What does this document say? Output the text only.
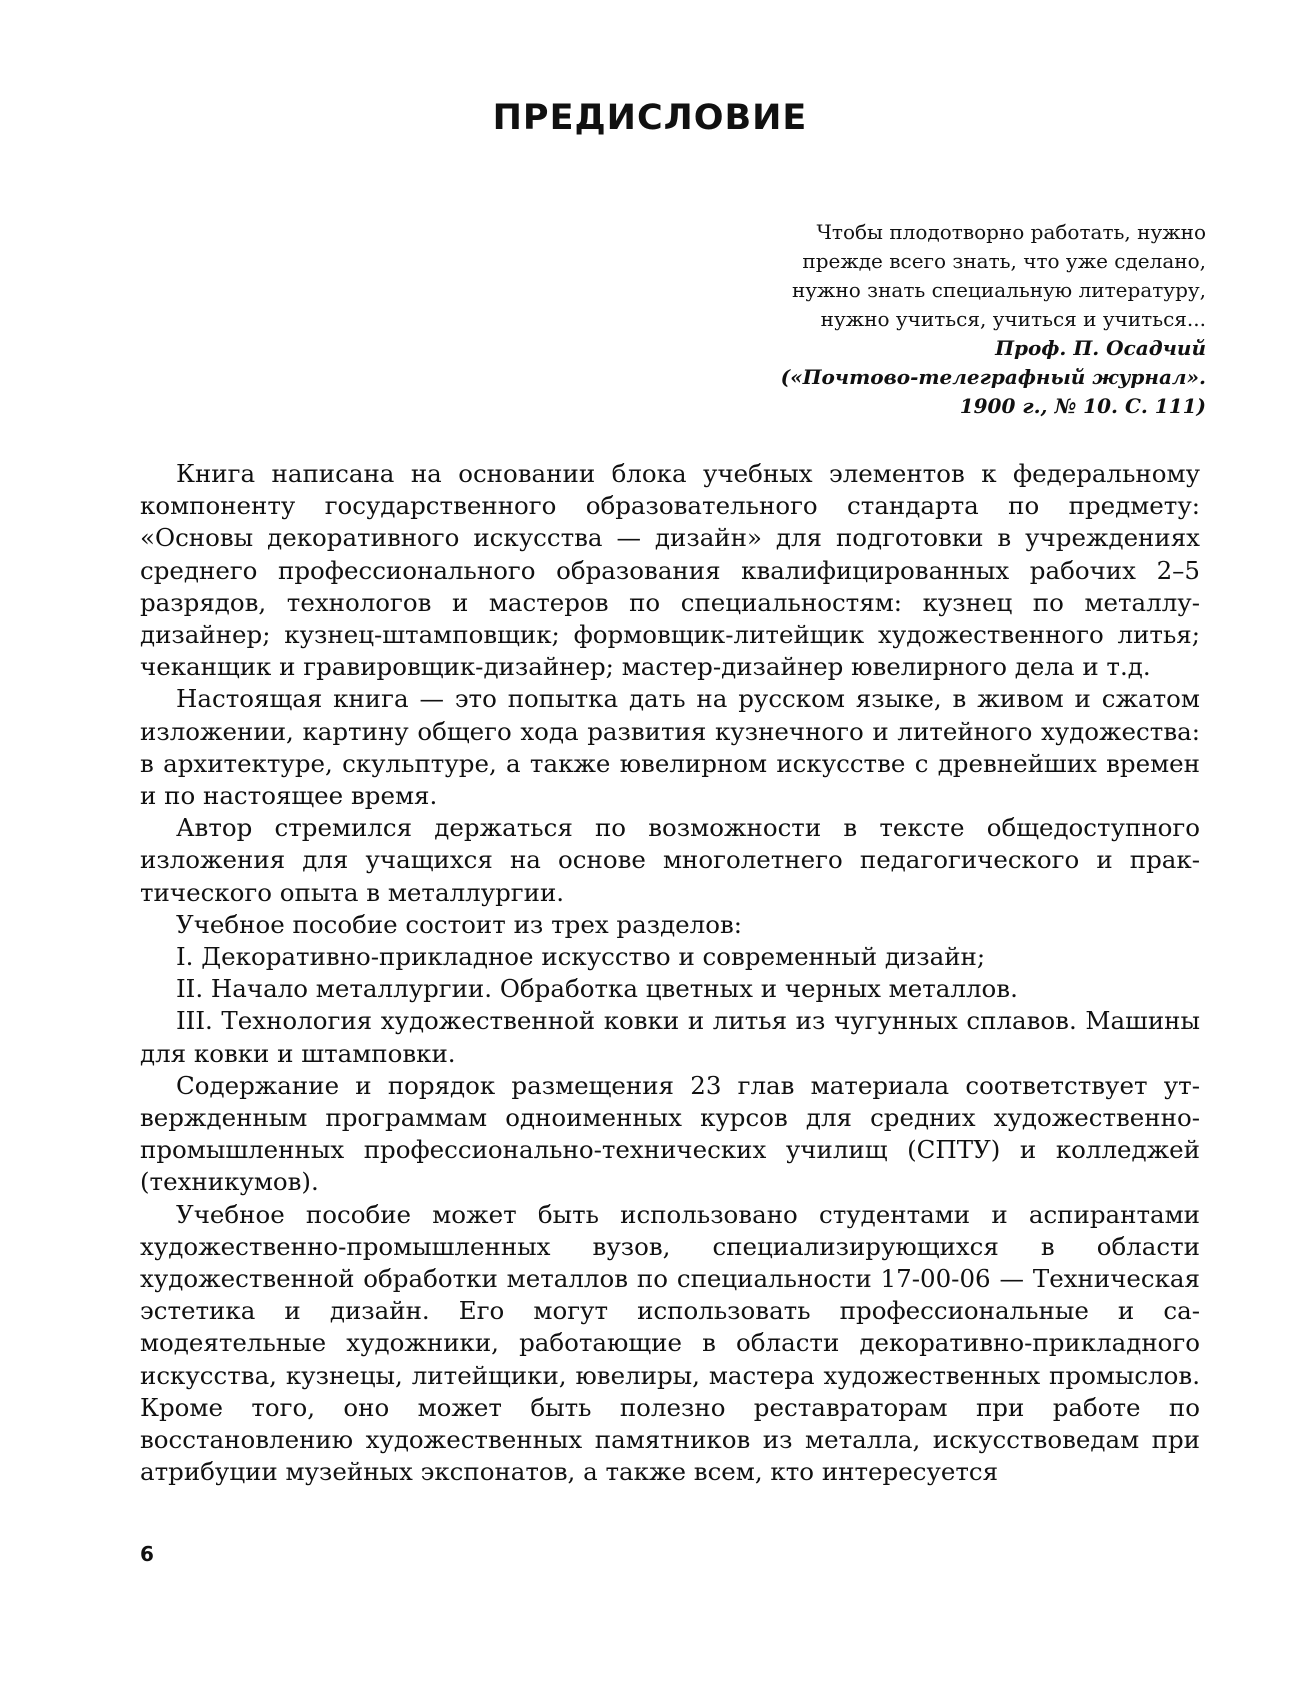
ПРЕДИСЛОВИЕ
Чтобы плодотворно работать, нужно
прежде всего знать, что уже сделано,
нужно знать специальную литературу,
нужно учиться, учиться и учиться...
Проф. П. Осадчий
(«Почтово-телеграфный журнал».
1900 г., № 10. С. 111)

Книга написана на основании блока учебных элементов к федеральному компоненту государственного образовательного стандарта по предмету: «Основы декоративного искусства — дизайн» для подготовки в учреждениях среднего профессионального образования квалифицированных рабочих 2–5 разрядов, технологов и мастеров по специальностям: кузнец по металлу-дизайнер; кузнец-штамповщик; формовщик-литейщик художественного литья; чеканщик и гравировщик-дизайнер; мастер-дизайнер ювелирного дела и т.д.

Настоящая книга — это попытка дать на русском языке, в живом и сжатом изложении, картину общего хода развития кузнечного и литейного художества: в архитектуре, скульптуре, а также ювелирном искусстве с древнейших времен и по настоящее время.

Автор стремился держаться по возможности в тексте общедоступного изложения для учащихся на основе многолетнего педагогического и практического опыта в металлургии.

Учебное пособие состоит из трех разделов:

I. Декоративно-прикладное искусство и современный дизайн;

II. Начало металлургии. Обработка цветных и черных металлов.

III. Технология художественной ковки и литья из чугунных сплавов. Машины для ковки и штамповки.

Содержание и порядок размещения 23 глав материала соответствует утвержденным программам одноименных курсов для средних художественно-промышленных профессионально-технических училищ (СПТУ) и колледжей (техникумов).

Учебное пособие может быть использовано студентами и аспирантами художественно-промышленных вузов, специализирующихся в области художественной обработки металлов по специальности 17-00-06 — Техническая эстетика и дизайн. Его могут использовать профессиональные и самодеятельные художники, работающие в области декоративно-прикладного искусства, кузнецы, литейщики, ювелиры, мастера художественных промыслов. Кроме того, оно может быть полезно реставраторам при работе по восстановлению художественных памятников из металла, искусствоведам при атрибуции музейных экспонатов, а также всем, кто интересуется

6
